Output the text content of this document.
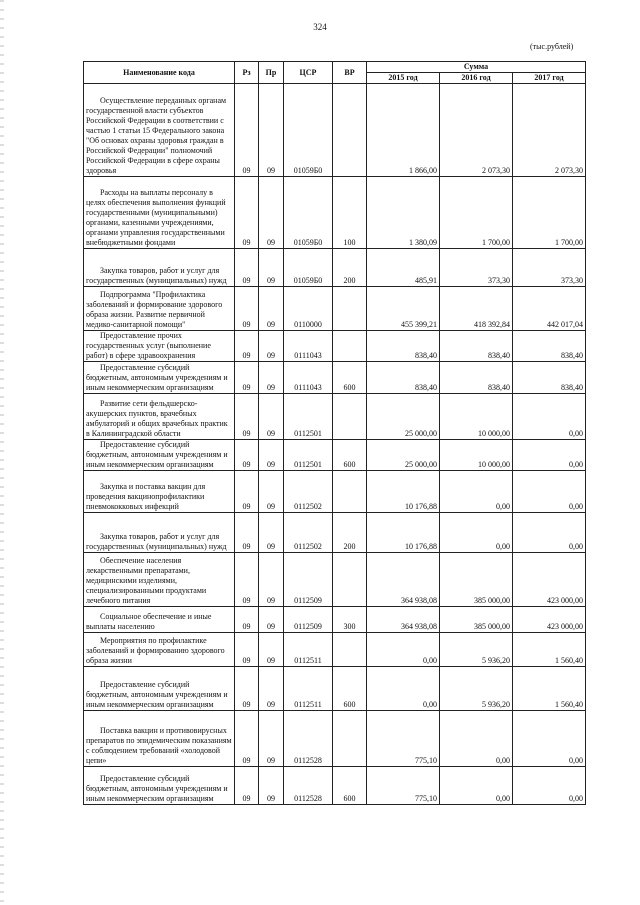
324
(тыс.рублей)
Наименование кода	Рз	Пр	ЦСР	ВР	Сумма		
					2015 год	2016 год	2017 год
Осуществление переданных органам государственной власти субъектов Российской Федерации в соответствии с частью 1 статьи 15 Федерального закона "Об основах охраны здоровья граждан в Российской Федерации" полномочий Российской Федерации в сфере охраны здоровья	09	09	01059Б0		1 866,00	2 073,30	2 073,30
Расходы на выплаты персоналу в целях обеспечения выполнения функций государственными (муниципальными) органами, казенными учреждениями, органами управления государственными внебюджетными фондами	09	09	01059Б0	100	1 380,09	1 700,00	1 700,00
Закупка товаров, работ и услуг для государственных (муниципальных) нужд	09	09	01059Б0	200	485,91	373,30	373,30
Подпрограмма "Профилактика заболеваний и формирование здорового образа жизни. Развитие первичной медико-санитарной помощи"	09	09	0110000		455 399,21	418 392,84	442 017,04
Предоставление прочих государственных услуг (выполнение работ) в сфере здравоохранения	09	09	0111043		838,40	838,40	838,40
Предоставление субсидий бюджетным, автономным учреждениям и иным некоммерческим организациям	09	09	0111043	600	838,40	838,40	838,40
Развитие сети фельдшерско-акушерских пунктов, врачебных амбулаторий и общих врачебных практик в Калининградской области	09	09	0112501		25 000,00	10 000,00	0,00
Предоставление субсидий бюджетным, автономным учреждениям и иным некоммерческим организациям	09	09	0112501	600	25 000,00	10 000,00	0,00
Закупка и поставка вакцин для проведения вакцинопрофилактики пневмококковых инфекций	09	09	0112502		10 176,88	0,00	0,00
Закупка товаров, работ и услуг для государственных (муниципальных) нужд	09	09	0112502	200	10 176,88	0,00	0,00
Обеспечение населения лекарственными препаратами, медицинскими изделиями, специализированными продуктами лечебного питания	09	09	0112509		364 938,08	385 000,00	423 000,00
Социальное обеспечение и иные выплаты населению	09	09	0112509	300	364 938,08	385 000,00	423 000,00
Мероприятия по профилактике заболеваний и формированию здорового образа жизни	09	09	0112511		0,00	5 936,20	1 560,40
Предоставление субсидий бюджетным, автономным учреждениям и иным некоммерческим организациям	09	09	0112511	600	0,00	5 936,20	1 560,40
Поставка вакцин и противовирусных препаратов по эпидемическим показаниям с соблюдением требований «холодовой цепи»	09	09	0112528		775,10	0,00	0,00
Предоставление субсидий бюджетным, автономным учреждениям и иным некоммерческим организациям	09	09	0112528	600	775,10	0,00	0,00
